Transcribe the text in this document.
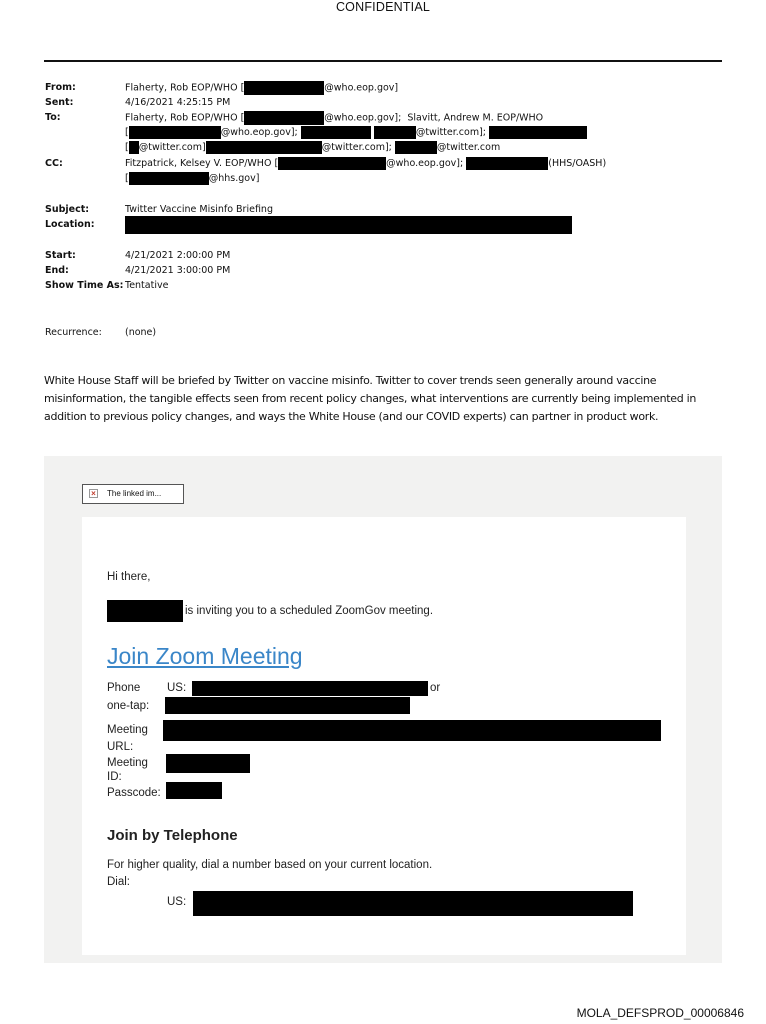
CONFIDENTIAL
From:	Flaherty, Rob EOP/WHO [	@who.eop.gov]
Sent:	4/16/2021 4:25:15 PM
To:	Flaherty, Rob EOP/WHO [	@who.eop.gov]; Slavitt, Andrew M. EOP/WHO
[	@who.eop.gov];	@twitter.com];
[ @twitter.com]	@twitter.com];	@twitter.com
CC:	Fitzpatrick, Kelsey V. EOP/WHO [	@who.eop.gov];	(HHS/OASH)
[	@hhs.gov]
Subject:	Twitter Vaccine Misinfo Briefing
Location:
Start:	4/21/2021 2:00:00 PM
End:	4/21/2021 3:00:00 PM
Show Time As: Tentative
Recurrence: (none)
White House Staff will be briefed by Twitter on vaccine misinfo. Twitter to cover trends seen generally around vaccine misinformation, the tangible effects seen from recent policy changes, what interventions are currently being implemented in addition to previous policy changes, and ways the White House (and our COVID experts) can partner in product work.
× The linked im...
Hi there,
is inviting you to a scheduled ZoomGov meeting.
Join Zoom Meeting
Phone US:	or
one-tap:
Meeting
URL:
Meeting
ID:
Passcode:
Join by Telephone
For higher quality, dial a number based on your current location.
Dial:
US:
MOLA_DEFSPROD_00006846
